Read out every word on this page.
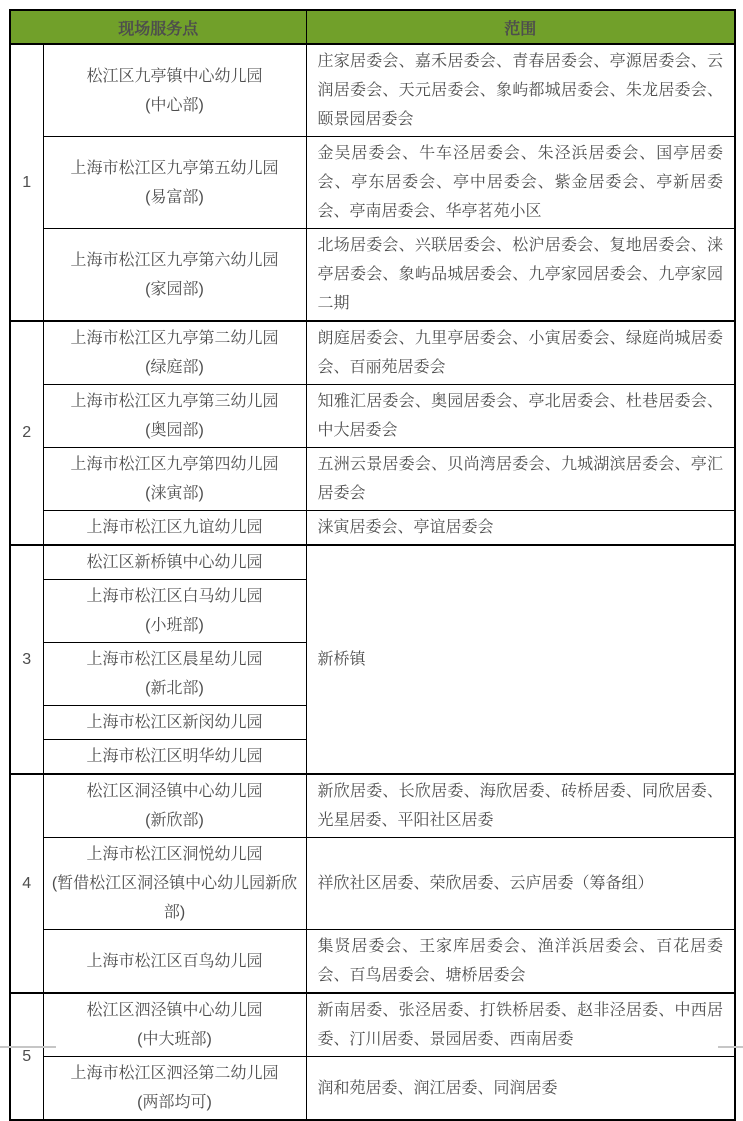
现场服务点		范围
1	松江区九亭镇中心幼儿园
(中心部)	庄家居委会、嘉禾居委会、青春居委会、亭源居委会、云润居委会、天元居委会、象屿都城居委会、朱龙居委会、颐景园居委会

	上海市松江区九亭第五幼儿园
(易富部)	金吴居委会、牛车泾居委会、朱泾浜居委会、国亭居委会、亭东居委会、亭中居委会、紫金居委会、亭新居委会、亭南居委会、华亭茗苑小区

	上海市松江区九亭第六幼儿园
(家园部)	北场居委会、兴联居委会、松沪居委会、复地居委会、涞亭居委会、象屿品城居委会、九亭家园居委会、九亭家园二期
2	上海市松江区九亭第二幼儿园
(绿庭部)	朗庭居委会、九里亭居委会、小寅居委会、绿庭尚城居委会、百丽苑居委会

	上海市松江区九亭第三幼儿园
(奥园部)	知雅汇居委会、奥园居委会、亭北居委会、杜巷居委会、中大居委会

	上海市松江区九亭第四幼儿园
(涞寅部)	五洲云景居委会、贝尚湾居委会、九城湖滨居委会、亭汇居委会

	上海市松江区九谊幼儿园	涞寅居委会、亭谊居委会
3	松江区新桥镇中心幼儿园	新桥镇

	上海市松江区白马幼儿园
(小班部)	

	上海市松江区晨星幼儿园
(新北部)	

	上海市松江区新闵幼儿园	

	上海市松江区明华幼儿园	

4	松江区洞泾镇中心幼儿园
(新欣部)	新欣居委、长欣居委、海欣居委、砖桥居委、同欣居委、光星居委、平阳社区居委

	上海市松江区洞悦幼儿园
(暂借松江区洞泾镇中心幼儿园新欣部)	祥欣社区居委、荣欣居委、云庐居委（筹备组）

	上海市松江区百鸟幼儿园	集贤居委会、王家库居委会、渔洋浜居委会、百花居委会、百鸟居委会、塘桥居委会
5	松江区泗泾镇中心幼儿园
(中大班部)	新南居委、张泾居委、打铁桥居委、赵非泾居委、中西居委、汀川居委、景园居委、西南居委

	上海市松江区泗泾第二幼儿园
(两部均可)	润和苑居委、润江居委、同润居委
